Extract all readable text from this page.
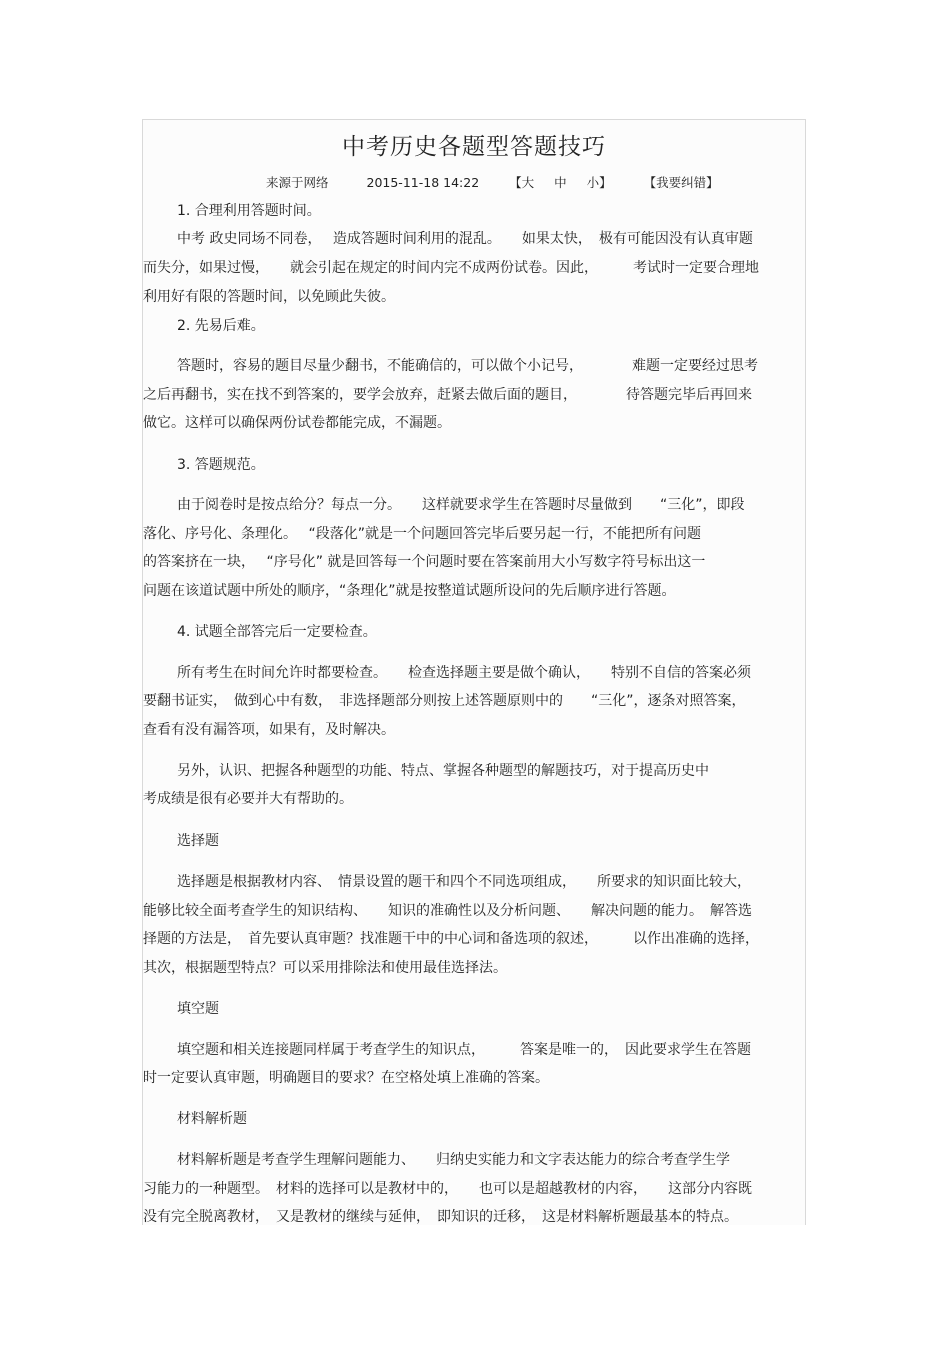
中考历史各题型答题技巧
来源于网络	2015-11-18 14:22 【大 中 小】	【我要纠错】
1. 合理利用答题时间。
中考 政史同场不同卷，　 造成答题时间利用的混乱。　　如果太快，　极有可能因没有认真审题
而失分，如果过慢，　　就会引起在规定的时间内完不成两份试卷。因此，　　　考试时一定要合理地
利用好有限的答题时间，以免顾此失彼。
2. 先易后难。
答题时，容易的题目尽量少翻书，不能确信的，可以做个小记号，　　　　难题一定要经过思考
之后再翻书，实在找不到答案的，要学会放弃，赶紧去做后面的题目，　　　　待答题完毕后再回来
做它。这样可以确保两份试卷都能完成，不漏题。
3. 答题规范。
由于阅卷时是按点给分？每点一分。　　这样就要求学生在答题时尽量做到　　“三化”，即段
落化、序号化、条理化。　 “段落化”就是一个问题回答完毕后要另起一行，不能把所有问题
的答案挤在一块，　 “序号化” 就是回答每一个问题时要在答案前用大小写数字符号标出这一
问题在该道试题中所处的顺序，“条理化”就是按整道试题所设问的先后顺序进行答题。
4. 试题全部答完后一定要检查。
所有考生在时间允许时都要检查。　　检查选择题主要是做个确认，　　特别不自信的答案必须
要翻书证实，　做到心中有数，　非选择题部分则按上述答题原则中的　　“三化”，逐条对照答案，
查看有没有漏答项，如果有，及时解决。
另外，认识、把握各种题型的功能、特点、掌握各种题型的解题技巧，对于提高历史中
考成绩是很有必要并大有帮助的。
选择题
选择题是根据教材内容、　情景设置的题干和四个不同选项组成，　　所要求的知识面比较大，
能够比较全面考查学生的知识结构、　　知识的准确性以及分析问题、　　解决问题的能力。　解答选
择题的方法是，　首先要认真审题？找准题干中的中心词和备选项的叙述，　　　以作出准确的选择，
其次，根据题型特点？可以采用排除法和使用最佳选择法。
填空题
填空题和相关连接题同样属于考查学生的知识点，　　　答案是唯一的，　因此要求学生在答题
时一定要认真审题，明确题目的要求？在空格处填上准确的答案。
材料解析题
材料解析题是考查学生理解问题能力、　　归纳史实能力和文字表达能力的综合考查学生学
习能力的一种题型。　材料的选择可以是教材中的，　　也可以是超越教材的内容，　　这部分内容既
没有完全脱离教材，　又是教材的继续与延伸，　即知识的迁移，　这是材料解析题最基本的特点。
